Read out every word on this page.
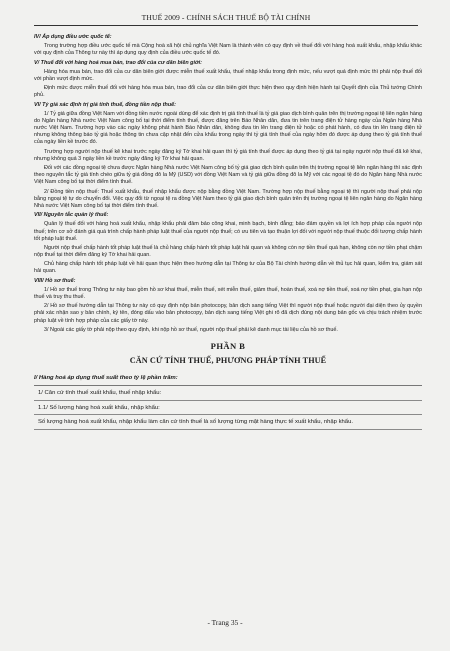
THUẾ 2009 - CHÍNH SÁCH THUẾ BỘ TÀI CHÍNH
IV/ Áp dụng điều ước quốc tế:
Trong trường hợp điều ước quốc tế mà Cộng hoà xã hội chủ nghĩa Việt Nam là thành viên có quy định về thuế đối với hàng hoá xuất khẩu, nhập khẩu khác với quy định của Thông tư này thì áp dụng quy định của điều ước quốc tế đó.
V/ Thuế đối với hàng hoá mua bán, trao đổi của cư dân biên giới:
Hàng hóa mua bán, trao đổi của cư dân biên giới được miễn thuế xuất khẩu, thuế nhập khẩu trong định mức, nếu vượt quá định mức thì phải nộp thuế đối với phần vượt định mức.
Định mức được miễn thuế đối với hàng hóa mua bán, trao đổi của cư dân biên giới thực hiện theo quy định hiện hành tại Quyết định của Thủ tướng Chính phủ.
VI/ Tỷ giá xác định trị giá tính thuế, đồng tiền nộp thuế:
1/ Tỷ giá giữa đồng Việt Nam với đồng tiền nước ngoài dùng để xác định trị giá tính thuế là tỷ giá giao dịch bình quân trên thị trường ngoại tệ liên ngân hàng do Ngân hàng Nhà nước Việt Nam công bố tại thời điểm tính thuế, được đăng trên Báo Nhân dân, đưa tin trên trang điện tử hàng ngày của Ngân hàng Nhà nước Việt Nam. Trường hợp vào các ngày không phát hành Báo Nhân dân, không đưa tin lên trang điện tử hoặc có phát hành, có đưa tin lên trang điện tử nhưng không thông báo tỷ giá hoặc thông tin chưa cập nhật đến cửa khẩu trong ngày thì tỷ giá tính thuế của ngày hôm đó được áp dụng theo tỷ giá tính thuế của ngày liền kề trước đó.
Trường hợp người nộp thuế kê khai trước ngày đăng ký Tờ khai hải quan thì tỷ giá tính thuế được áp dụng theo tỷ giá tại ngày người nộp thuế đã kê khai, nhưng không quá 3 ngày liền kề trước ngày đăng ký Tờ khai hải quan.
Đối với các đồng ngoại tệ chưa được Ngân hàng Nhà nước Việt Nam công bố tỷ giá giao dịch bình quân trên thị trường ngoại tệ liên ngân hàng thì xác định theo nguyên tắc tỷ giá tính chéo giữa tỷ giá đồng đô la Mỹ (USD) với đồng Việt Nam và tỷ giá giữa đồng đô la Mỹ với các ngoại tệ đó do Ngân hàng Nhà nước Việt Nam công bố tại thời điểm tính thuế.
2/ Đồng tiền nộp thuế: Thuế xuất khẩu, thuế nhập khẩu được nộp bằng đồng Việt Nam. Trường hợp nộp thuế bằng ngoại tệ thì người nộp thuế phải nộp bằng ngoại tệ tự do chuyển đổi. Việc quy đổi từ ngoại tệ ra đồng Việt Nam theo tỷ giá giao dịch bình quân trên thị trường ngoại tệ liên ngân hàng do Ngân hàng Nhà nước Việt Nam công bố tại thời điểm tính thuế.
VII/ Nguyên tắc quản lý thuế:
Quản lý thuế đối với hàng hoá xuất khẩu, nhập khẩu phải đảm bảo công khai, minh bạch, bình đẳng; bảo đảm quyền và lợi ích hợp pháp của người nộp thuế; trên cơ sở đánh giá quá trình chấp hành pháp luật thuế của người nộp thuế; có ưu tiên và tạo thuận lợi đối với người nộp thuế thuộc đối tượng chấp hành tốt pháp luật thuế.
Người nộp thuế chấp hành tốt pháp luật thuế là chủ hàng chấp hành tốt pháp luật hải quan và không còn nợ tiền thuế quá hạn, không còn nợ tiền phạt chậm nộp thuế tại thời điểm đăng ký Tờ khai hải quan.
Chủ hàng chấp hành tốt pháp luật về hải quan thực hiện theo hướng dẫn tại Thông tư của Bộ Tài chính hướng dẫn về thủ tục hải quan, kiểm tra, giám sát hải quan.
VIII/ Hồ sơ thuế:
1/ Hồ sơ thuế trong Thông tư này bao gồm hồ sơ khai thuế, miễn thuế, xét miễn thuế, giảm thuế, hoàn thuế, xoá nợ tiền thuế, xoá nợ tiền phạt, gia hạn nộp thuế và truy thu thuế.
2/ Hồ sơ thuế hướng dẫn tại Thông tư này có quy định nộp bản photocopy, bản dịch sang tiếng Việt thì người nộp thuế hoặc người đại diện theo ủy quyền phải xác nhận sao y bản chính, ký tên, đóng dấu vào bản photocopy, bản dịch sang tiếng Việt ghi rõ đã dịch đúng nội dung bản gốc và chịu trách nhiệm trước pháp luật về tính hợp pháp của các giấy tờ này.
3/ Ngoài các giấy tờ phải nộp theo quy định, khi nộp hồ sơ thuế, người nộp thuế phải kê danh mục tài liệu của hồ sơ thuế.
PHẦN B
CĂN CỨ TÍNH THUẾ, PHƯƠNG PHÁP TÍNH THUẾ
I/ Hàng hoá áp dụng thuế suất theo tỷ lệ phần trăm:
1/ Căn cứ tính thuế xuất khẩu, thuế nhập khẩu:
1.1/ Số lượng hàng hoá xuất khẩu, nhập khẩu:
Số lượng hàng hoá xuất khẩu, nhập khẩu làm căn cứ tính thuế là số lượng từng mặt hàng thực tế xuất khẩu, nhập khẩu.
- Trang 35 -
